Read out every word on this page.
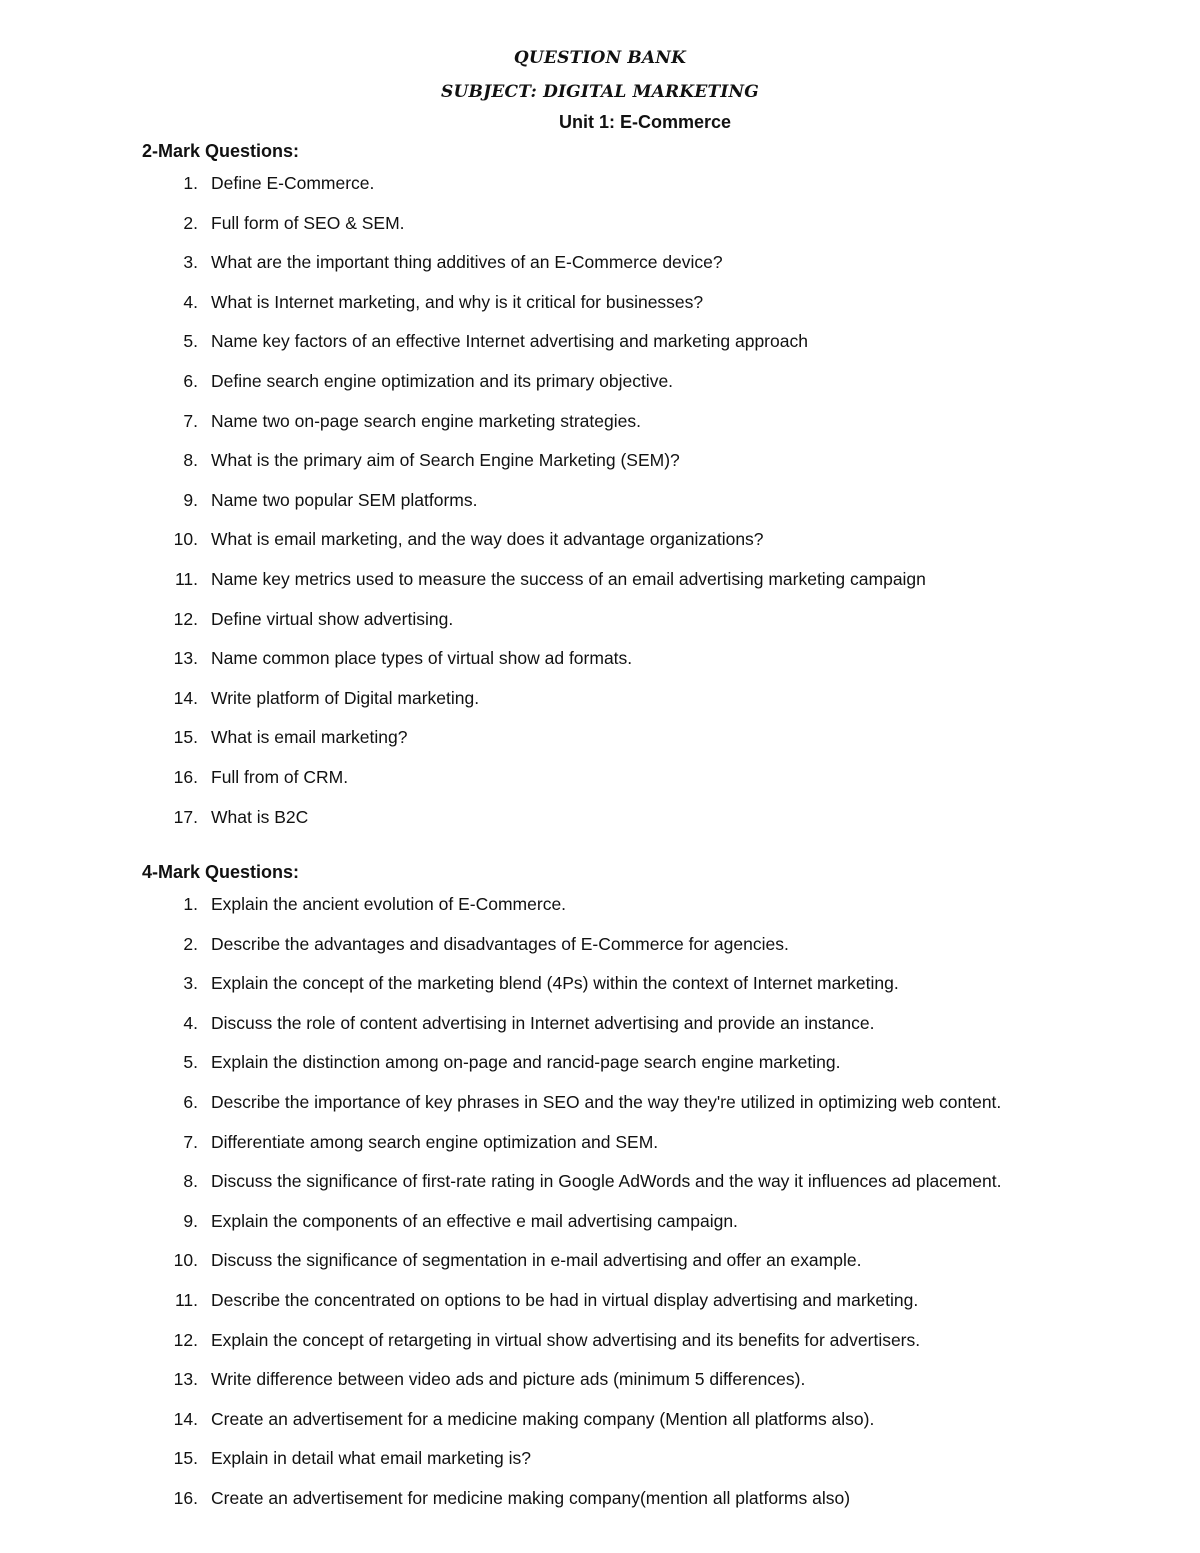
QUESTION BANK
SUBJECT: DIGITAL MARKETING
Unit 1: E-Commerce
2-Mark Questions:
1. Define E-Commerce.
2. Full form of SEO & SEM.
3. What are the important thing additives of an E-Commerce device?
4. What is Internet marketing, and why is it critical for businesses?
5. Name key factors of an effective Internet advertising and marketing approach
6. Define search engine optimization and its primary objective.
7. Name two on-page search engine marketing strategies.
8. What is the primary aim of Search Engine Marketing (SEM)?
9. Name two popular SEM platforms.
10. What is email marketing, and the way does it advantage organizations?
11. Name key metrics used to measure the success of an email advertising marketing campaign
12. Define virtual show advertising.
13. Name common place types of virtual show ad formats.
14. Write platform of Digital marketing.
15. What is email marketing?
16. Full from of CRM.
17. What is B2C
4-Mark Questions:
1. Explain the ancient evolution of E-Commerce.
2. Describe the advantages and disadvantages of E-Commerce for agencies.
3. Explain the concept of the marketing blend (4Ps) within the context of Internet marketing.
4. Discuss the role of content advertising in Internet advertising and provide an instance.
5. Explain the distinction among on-page and rancid-page search engine marketing.
6. Describe the importance of key phrases in SEO and the way they're utilized in optimizing web content.
7. Differentiate among search engine optimization and SEM.
8. Discuss the significance of first-rate rating in Google AdWords and the way it influences ad placement.
9. Explain the components of an effective e mail advertising campaign.
10. Discuss the significance of segmentation in e-mail advertising and offer an example.
11. Describe the concentrated on options to be had in virtual display advertising and marketing.
12. Explain the concept of retargeting in virtual show advertising and its benefits for advertisers.
13. Write difference between video ads and picture ads (minimum 5 differences).
14. Create an advertisement for a medicine making company (Mention all platforms also).
15. Explain in detail what email marketing is?
16. Create an advertisement for medicine making company(mention all platforms also)
